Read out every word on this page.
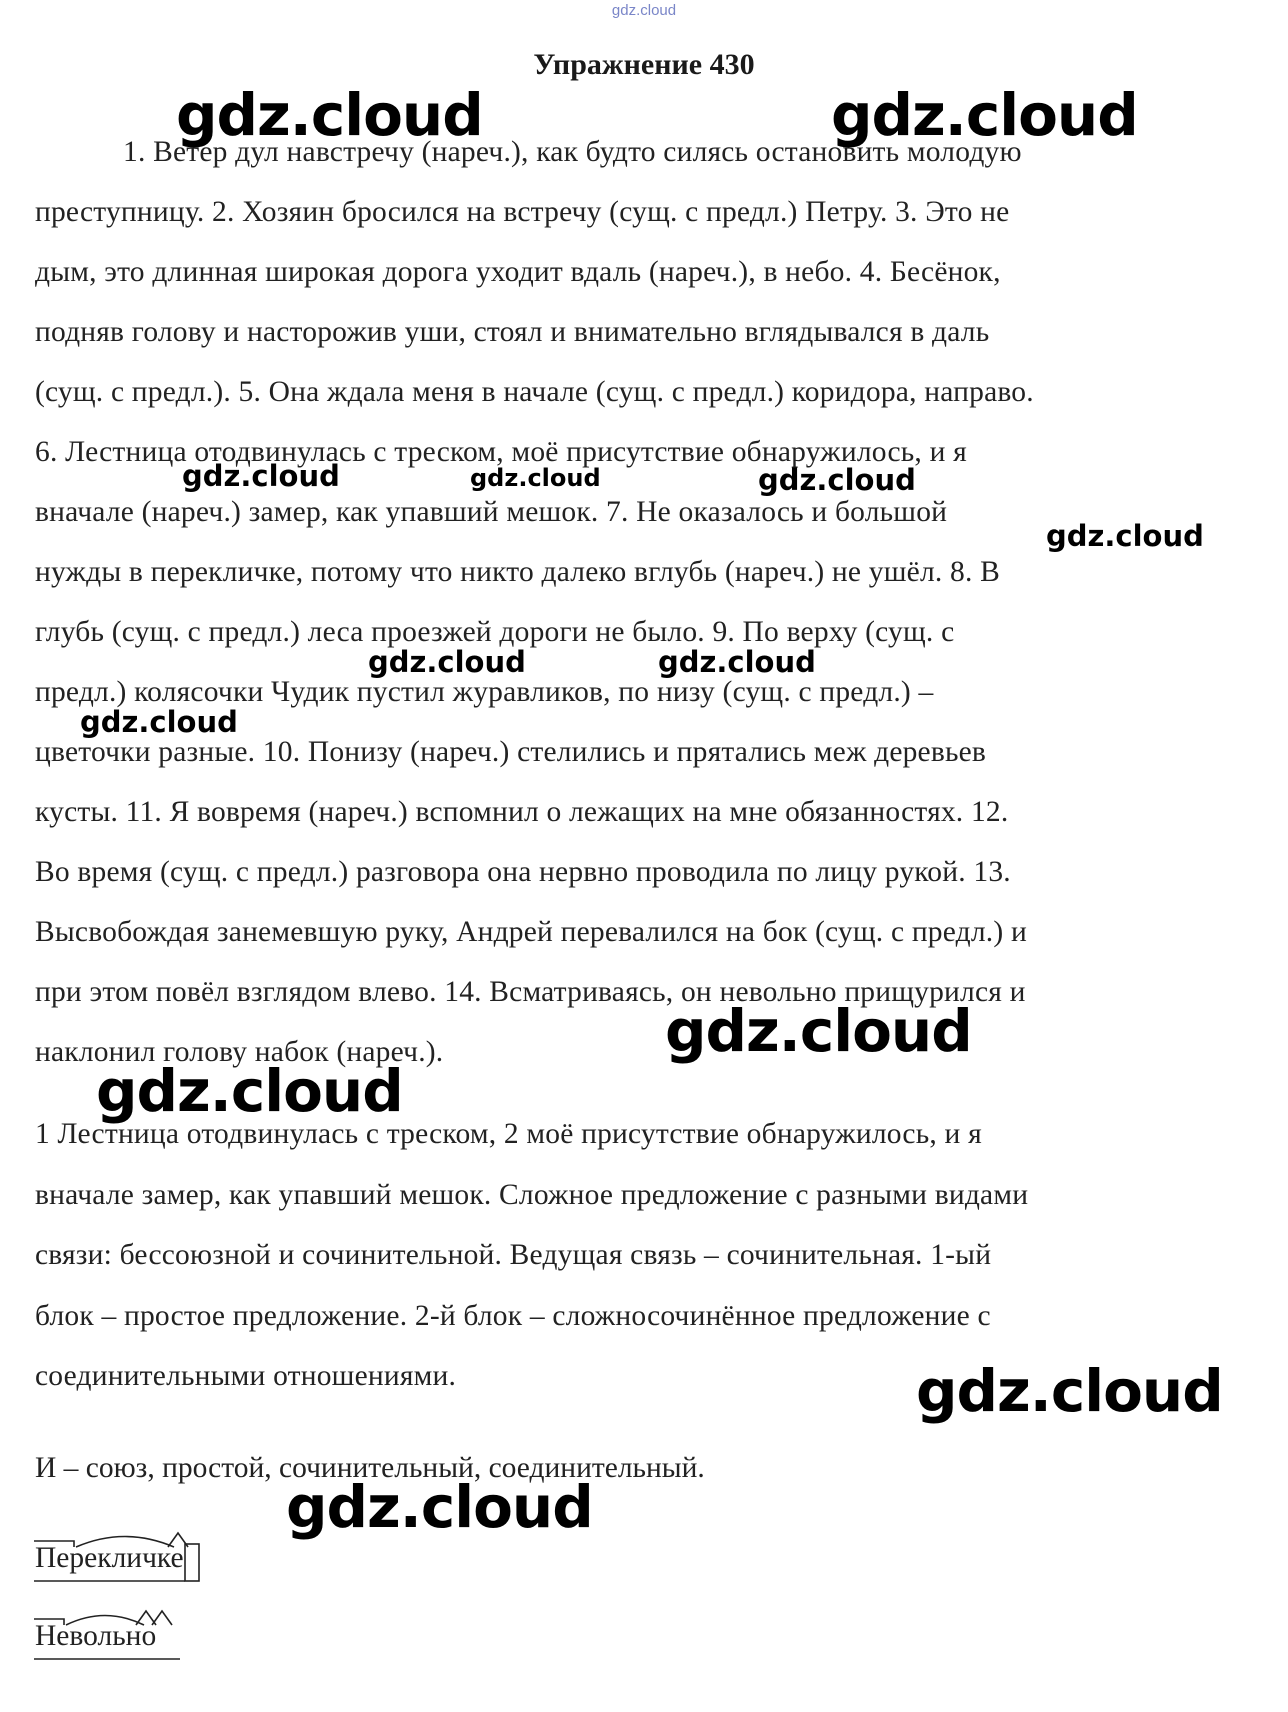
gdz.cloud
Упражнение 430
1. Ветер дул навстречу (нареч.), как будто силясь остановить молодую
преступницу. 2. Хозяин бросился на встречу (сущ. с предл.) Петру. 3. Это не
дым, это длинная широкая дорога уходит вдаль (нареч.), в небо. 4. Бесёнок,
подняв голову и насторожив уши, стоял и внимательно вглядывался в даль
(сущ. с предл.). 5. Она ждала меня в начале (сущ. с предл.) коридора, направо.
6. Лестница отодвинулась с треском, моё присутствие обнаружилось, и я
вначале (нареч.) замер, как упавший мешок. 7. Не оказалось и большой
нужды в перекличке, потому что никто далеко вглубь (нареч.) не ушёл. 8. В
глубь (сущ. с предл.) леса проезжей дороги не было. 9. По верху (сущ. с
предл.) колясочки Чудик пустил журавликов, по низу (сущ. с предл.) –
цветочки разные. 10. Понизу (нареч.) стелились и прятались меж деревьев
кусты. 11. Я вовремя (нареч.) вспомнил о лежащих на мне обязанностях. 12.
Во время (сущ. с предл.) разговора она нервно проводила по лицу рукой. 13.
Высвобождая занемевшую руку, Андрей перевалился на бок (сущ. с предл.) и
при этом повёл взглядом влево. 14. Всматриваясь, он невольно прищурился и
наклонил голову набок (нареч.).
1 Лестница отодвинулась с треском, 2 моё присутствие обнаружилось, и я
вначале замер, как упавший мешок. Сложное предложение с разными видами
связи: бессоюзной и сочинительной. Ведущая связь – сочинительная. 1-ый
блок – простое предложение. 2-й блок – сложносочинённое предложение с
соединительными отношениями.
И – союз, простой, сочинительный, соединительный.
Перекличке
Невольно
gdz.cloud	gdz.cloud
gdz.cloud	gdz.cloud	gdz.cloud
gdz.cloud
gdz.cloud	gdz.cloud
gdz.cloud
gdz.cloud
gdz.cloud
gdz.cloud
gdz.cloud
